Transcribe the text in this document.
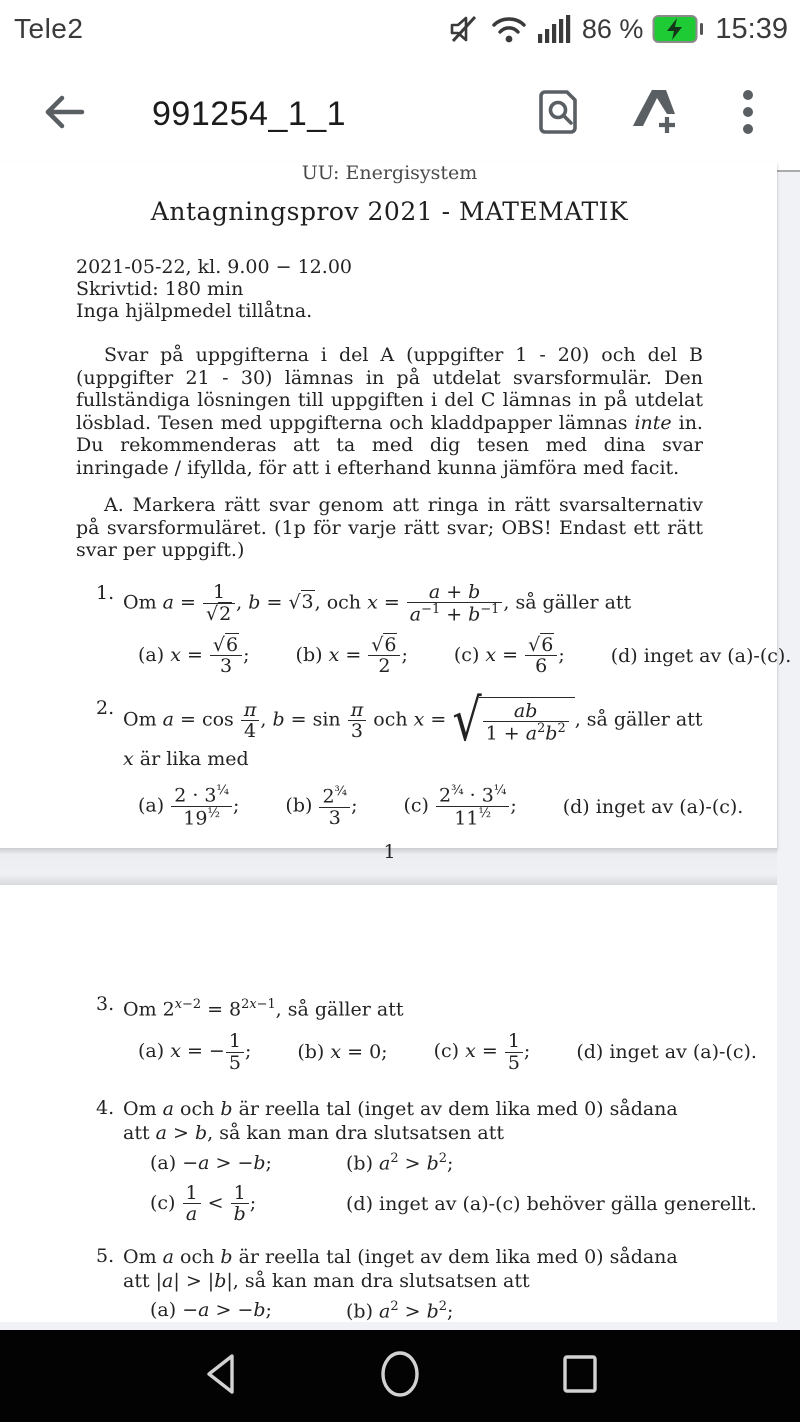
Tele2	86 % 15:39
991254_1_1
UU: Energisystem
Antagningsprov 2021 - MATEMATIK
2021-05-22, kl. 9.00 − 12.00
Skrivtid: 180 min
Inga hjälpmedel tillåtna.
Svar på uppgifterna i del A (uppgifter 1 - 20) och del B (uppgifter 21 - 30) lämnas in på utdelat svarsformulär. Den fullständiga lösningen till uppgiften i del C lämnas in på utdelat lösblad. Tesen med uppgifterna och kladdpapper lämnas inte in. Du rekommenderas att ta med dig tesen med dina svar inringade / ifyllda, för att i efterhand kunna jämföra med facit.
A. Markera rätt svar genom att ringa in rätt svarsalternativ på svarsformuläret. (1p för varje rätt svar; OBS! Endast ett rätt svar per uppgift.)
1. Om $a = \frac{1}{√2}$ , b = √3, och $x = \frac{a + b}{a^{-1} + b^{-1}}$ , så gäller att
(a) $x = \frac{√6}{3}$ ; (b) $x = \frac{√6}{2}$ ; (c) $x = \frac{√6}{6}$ ; (d) inget av (a)-(c).
2.
Om $a = \cos \frac{\pi}{4}$ , $b = \sin \frac{\pi}{3}$ och x = √ $\frac{ab}{1 + a^2b^2}$ , så gäller att x är lika med
$(a) \frac{2 \cdot 3^{\frac{1}{4}}}{19^{\frac{1}{2}}}$ ; $(b) \frac{2^{\frac{3}{4}}}{3}$ ; $(c) \frac{2^{\frac{3}{4}} \cdot 3^{\frac{1}{4}}}{11^{\frac{1}{2}}}$ ; (d) inget av (a)-(c).
1
3. Om $2^{x-2} = 8^{2x-1}$, så gäller att
(a) x = − $\frac{1}{5}$ ; (b) x = 0; (c) $x = \frac{1}{5}$ ; (d) inget av (a)-(c).
4. Om a och b är reella tal (inget av dem lika med 0) sådana att a > b, så kan man dra slutsatsen att
(a) −a > −b;	(b) $a^2 > b^2$;
$(c) \frac{1}{a} < \frac{1}{b}$ ;	(d) inget av (a)-(c) behöver gälla generellt.
5. Om a och b är reella tal (inget av dem lika med 0) sådana att |a| > |b|, så kan man dra slutsatsen att
(a) −a > −b;	(b) $a^2 > b^2$;
